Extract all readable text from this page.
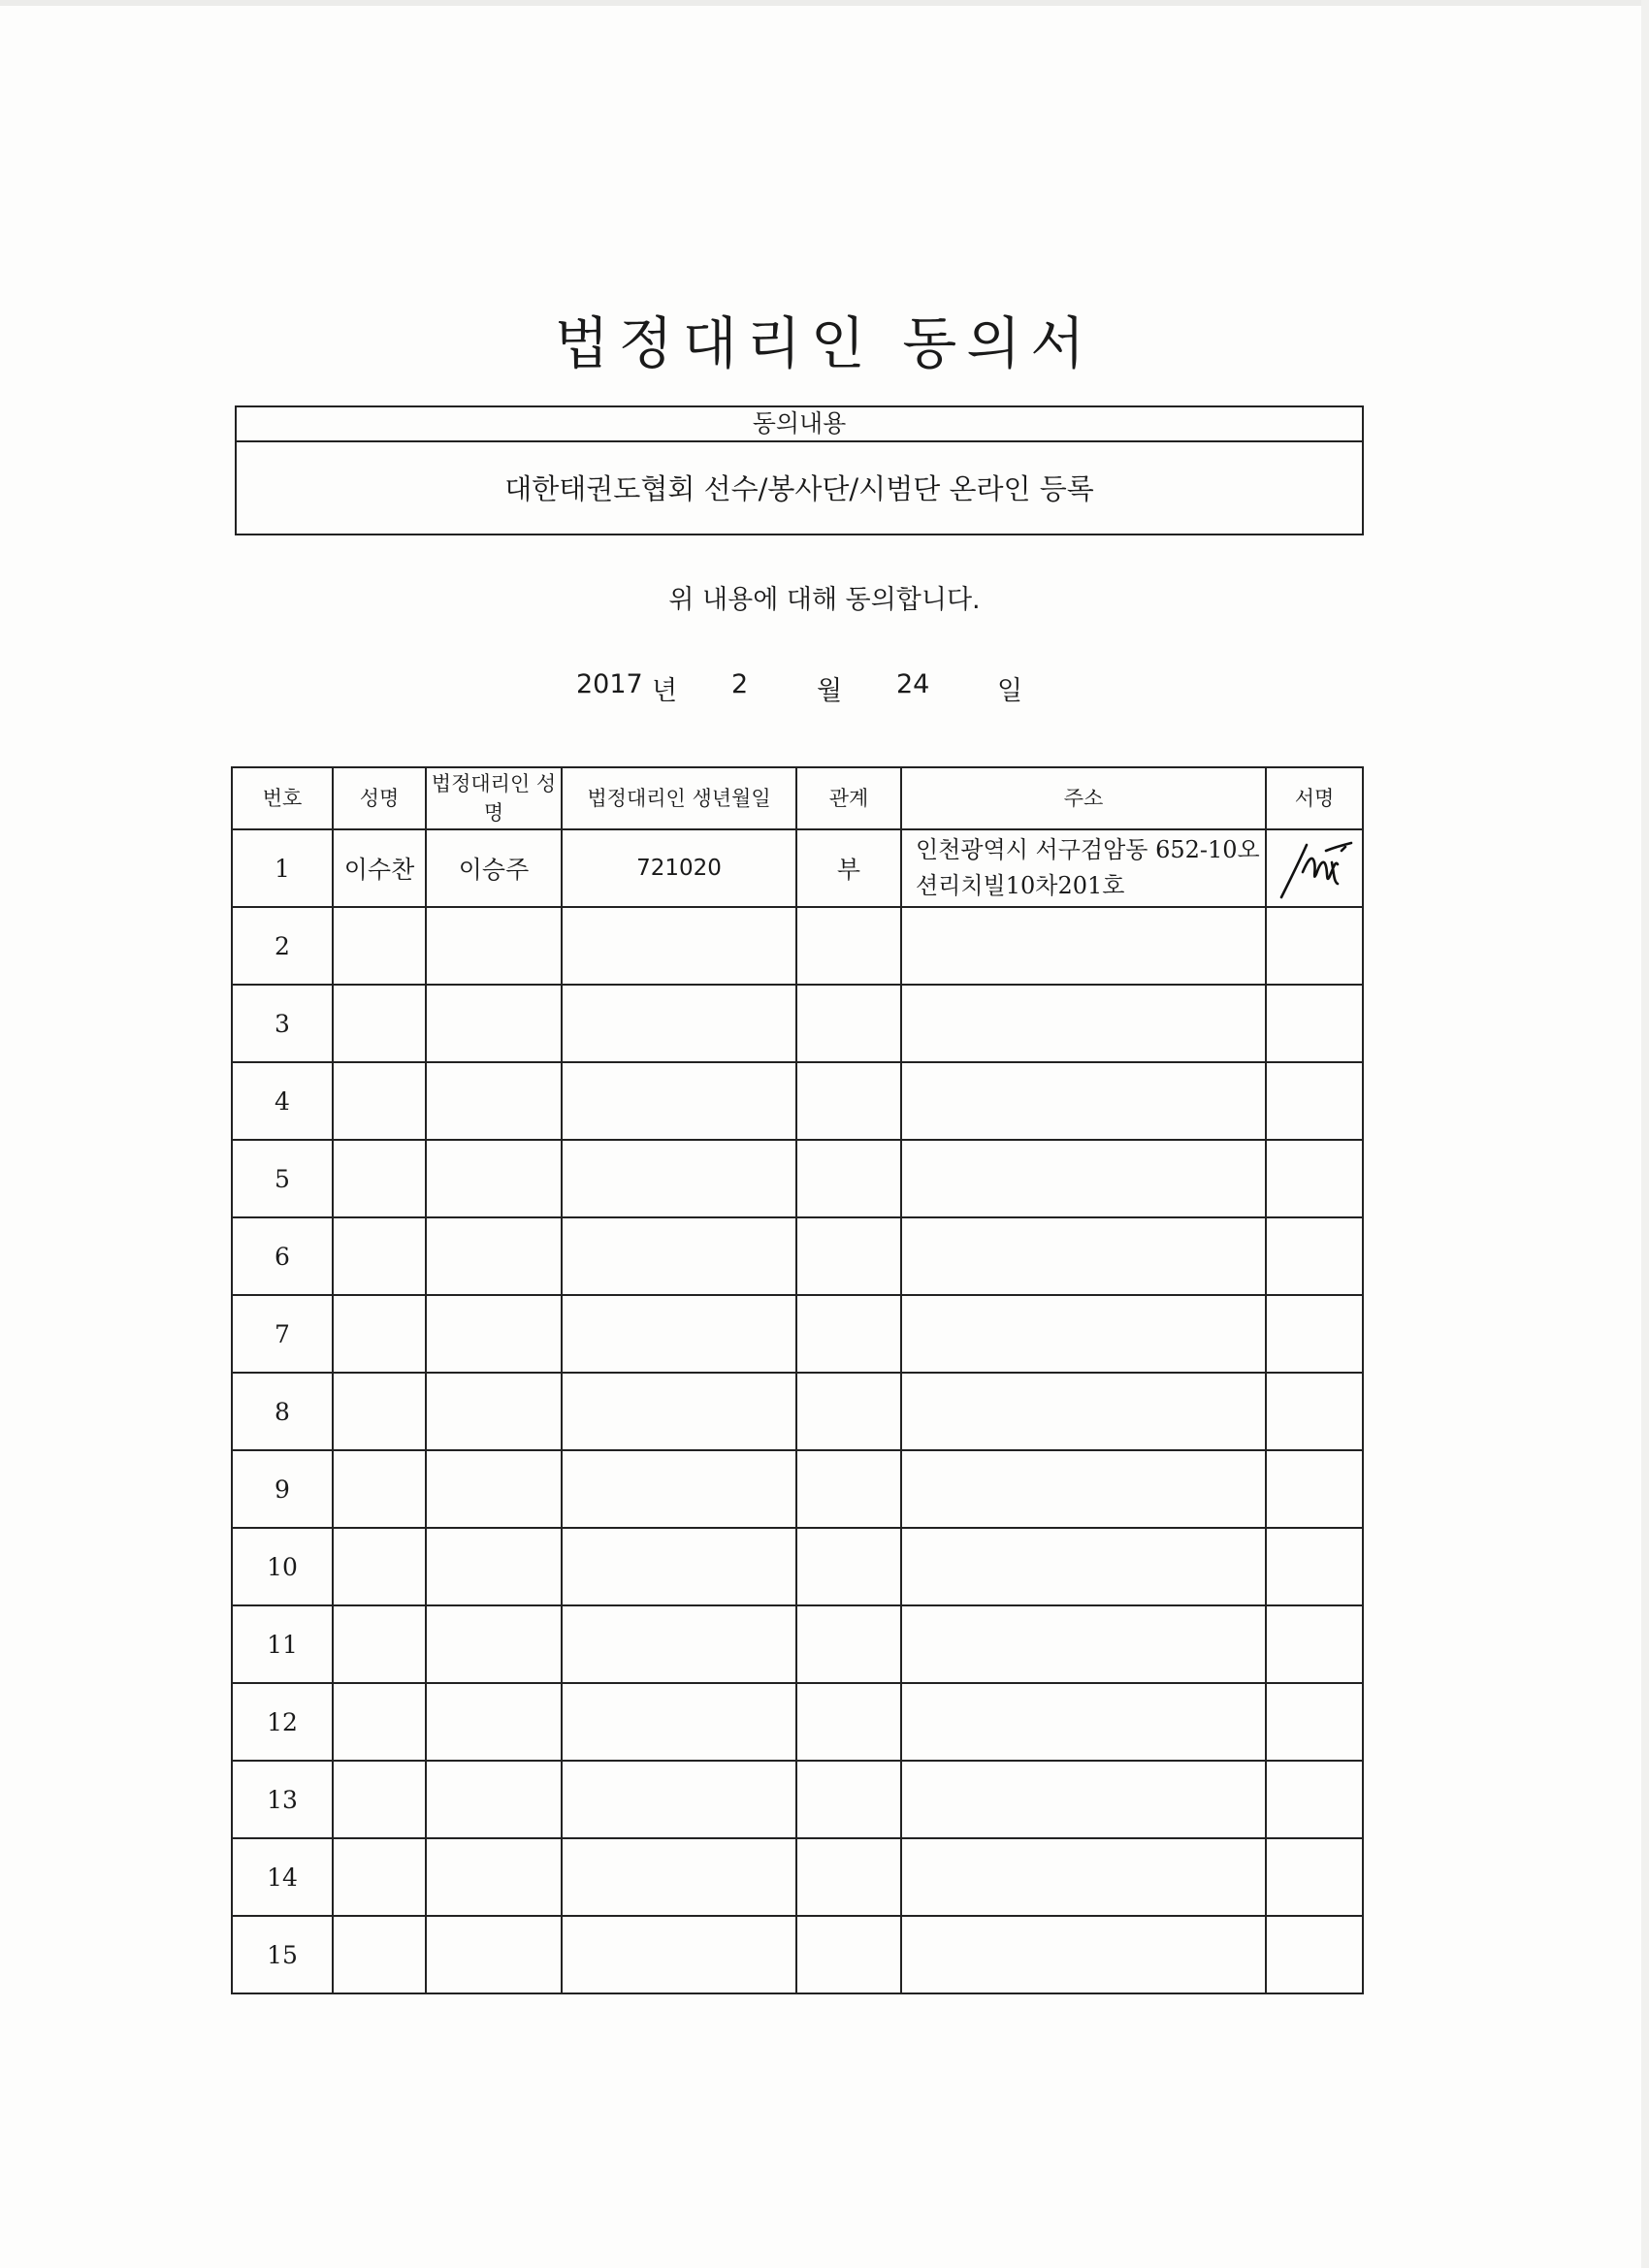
법정대리인 동의서
동의내용
대한태권도협회 선수/봉사단/시범단 온라인 등록
위 내용에 대해 동의합니다.
2017 년 2	월 24	일
번호	성명	법정대리인 성명	법정대리인 생년월일	관계	주소	서명
1	이수찬	이승주	721020	부	인천광역시 서구검암동 652-10오션리치빌10차201호	

2						
3						
4						
5						
6						
7						
8						
9						
10						
11						
12						
13						
14						
15						
